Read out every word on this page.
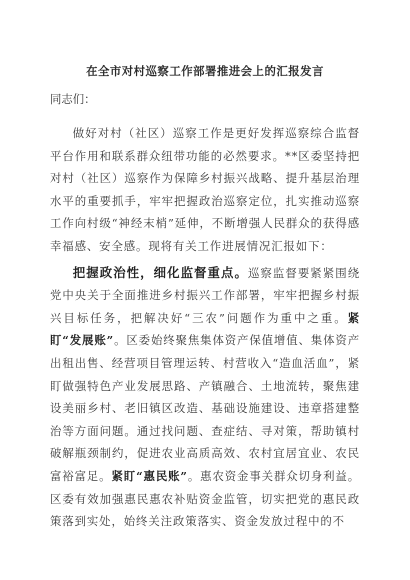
在全市对村巡察工作部署推进会上的汇报发言
同志们：

做好对村（社区）巡察工作是更好发挥巡察综合监督平台作用和联系群众纽带功能的必然要求。**区委坚持把对村（社区）巡察作为保障乡村振兴战略、提升基层治理水平的重要抓手，牢牢把握政治巡察定位，扎实推动巡察工作向村级“神经末梢”延伸，不断增强人民群众的获得感幸福感、安全感。现将有关工作进展情况汇报如下：

把握政治性，细化监督重点。巡察监督要紧紧围绕党中央关于全面推进乡村振兴工作部署，牢牢把握乡村振兴目标任务，把解决好“三农”问题作为重中之重。紧盯“发展账”。区委始终聚焦集体资产保值增值、集体资产出租出售、经营项目管理运转、村营收入“造血活血”，紧盯做强特色产业发展思路、产镇融合、土地流转，聚焦建设美丽乡村、老旧镇区改造、基础设施建设、违章搭建整治等方面问题。通过找问题、查症结、寻对策，帮助镇村破解瓶颈制约，促进农业高质高效、农村宜居宜业、农民富裕富足。紧盯“惠民账”。惠农资金事关群众切身利益。区委有效加强惠民惠农补贴资金监管，切实把党的惠民政策落到实处，始终关注政策落实、资金发放过程中的不
